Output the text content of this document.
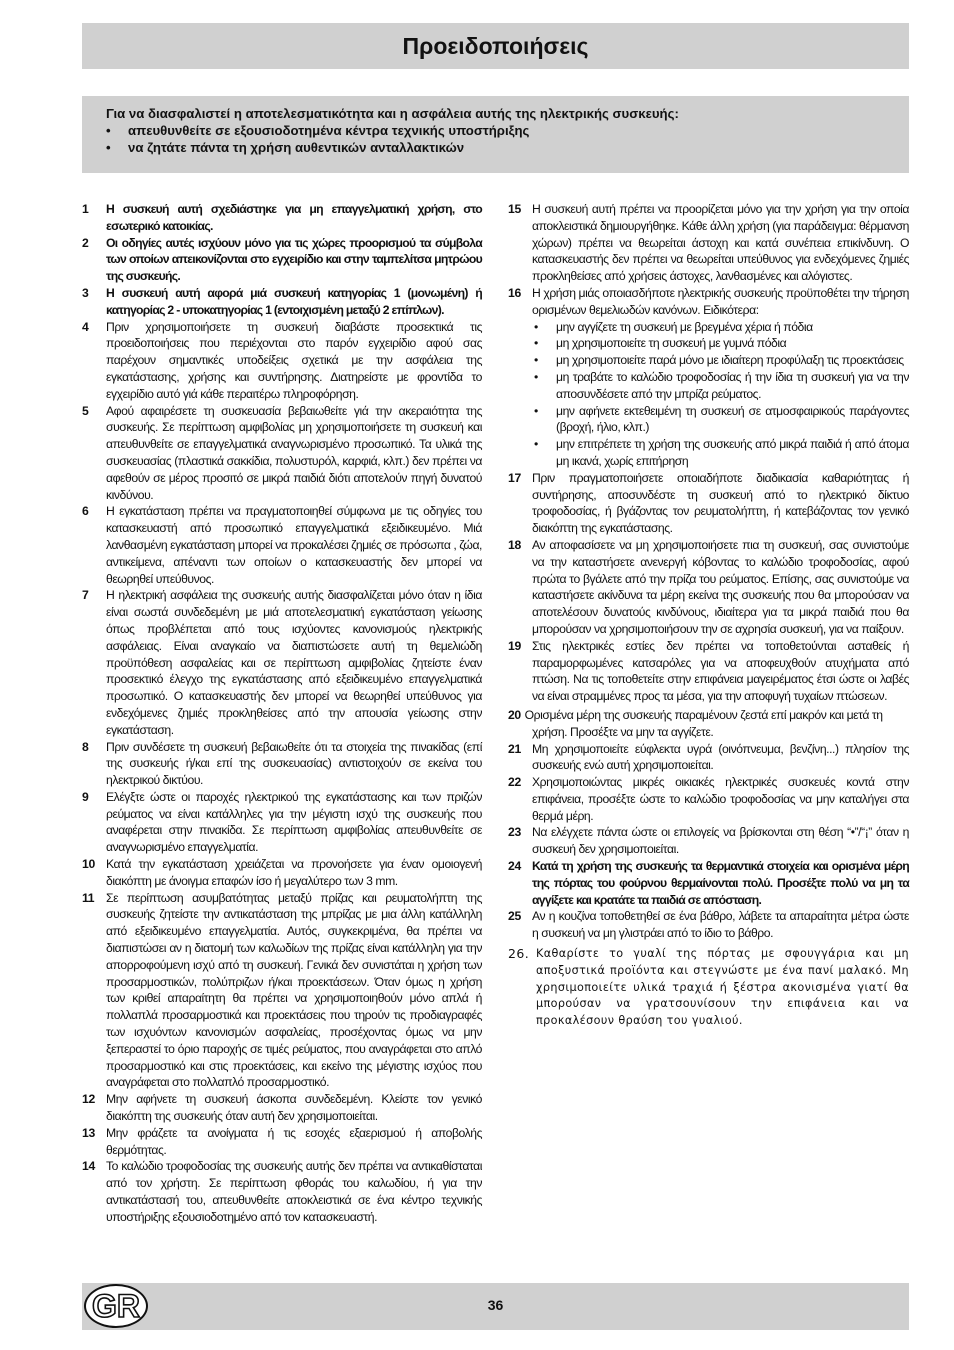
Προειδοποιήσεις
Για να διασφαλιστεί η αποτελεσματικότητα και η ασφάλεια αυτής της ηλεκτρικής συσκευής:
•	απευθυνθείτε σε εξουσιοδοτημένα κέντρα τεχνικής υποστήριξης
•	να ζητάτε πάντα τη χρήση αυθεντικών ανταλλακτικών
1	Η συσκευή αυτή σχεδιάστηκε για μη επαγγελματική χρήση, στο εσωτερικό κατοικίας.
2	Οι οδηγίες αυτές ισχύουν μόνο για τις χώρες προορισμού τα σύμβολα των οποίων απεικονίζονται στο εγχειρίδιο και στην ταμπελίτσα μητρώου της συσκευής.
3	Η συσκευή αυτή αφορά μιά συσκευή κατηγορίας 1 (μονωμένη) ή κατηγορίας 2 - υποκατηγορίας 1 (εντοιχισμένη μεταξύ 2 επίπλων).
4	Πριν χρησιμοποιήσετε τη συσκευή διαβάστε προσεκτικά τις προειδοποιήσεις που περιέχονται στο παρόν εγχειρίδιο αφού σας παρέχουν σημαντικές υποδείξεις σχετικά με την ασφάλεια της εγκατάστασης, χρήσης και συντήρησης. Διατηρείστε με φροντίδα το εγχειρίδιο αυτό γιά κάθε περαιτέρω πληροφόρηση.
5	Αφού αφαιρέσετε τη συσκευασία βεβαιωθείτε γιά την ακεραιότητα της συσκευής. Σε περίπτωση αμφιβολίας μη χρησιμοποιήσετε τη συσκευή και απευθυνθείτε σε επαγγελματικά αναγνωρισμένο προσωπικό. Τα υλικά της συσκευασίας (πλαστικά σακκίδια, πολυστυρόλ, καρφιά, κλπ.) δεν πρέπει να αφεθούν σε μέρος προσιτό σε μικρά παιδιά διότι αποτελούν πηγή δυνατού κινδύνου.
6	Η εγκατάσταση πρέπει να πραγματοποιηθεί σύμφωνα με τις οδηγίες του κατασκευαστή από προσωπικό επαγγελματικά εξειδικευμένο. Μιά λανθασμένη εγκατάσταση μπορεί να προκαλέσει ζημιές σε πρόσωπα , ζώα, αντικείμενα, απέναντι των οποίων ο κατασκευαστής δεν μπορεί να θεωρηθεί υπεύθυνος.
7	Η ηλεκτρική ασφάλεια της συσκευής αυτής διασφαλίζεται μόνο όταν η ίδια είναι σωστά συνδεδεμένη με μιά αποτελεσματική εγκατάσταση γείωσης όπως προβλέπεται από τους ισχύοντες κανονισμούς ηλεκτρικής ασφάλειας. Είναι αναγκαίο να διαπιστώσετε αυτή τη θεμελιώδη προϋπόθεση ασφαλείας και σε περίπτωση αμφιβολίας ζητείστε έναν προσεκτικό έλεγχο της εγκατάστασης από εξειδικευμένο επαγγελματικά προσωπικό. Ο κατασκευαστής δεν μπορεί να θεωρηθεί υπεύθυνος για ενδεχόμενες ζημιές προκληθείσες από την απουσία γείωσης στην εγκατάσταση.
8	Πριν συνδέσετε τη συσκευή βεβαιωθείτε ότι τα στοιχεία της πινακίδας (επί της συσκευής ή/και επί της συσκευασίας) αντιστοιχούν σε εκείνα του ηλεκτρικού δικτύου.
9	Ελέγξτε ώστε οι παροχές ηλεκτρικού της εγκατάστασης και των πριζών ρεύματος να είναι κατάλληλες για την μέγιστη ισχύ της συσκευής που αναφέρεται στην πινακίδα. Σε περίπτωση αμφιβολίας απευθυνθείτε σε αναγνωρισμένο επαγγελματία.
10 Κατά την εγκατάσταση χρειάζεται να προνοήσετε για έναν ομοιογενή διακόπτη με άνοιγμα επαφών ίσο ή μεγαλύτερο των 3 mm.
11 Σε περίπτωση ασυμβατότητας μεταξύ πρίζας και ρευματολήπτη της συσκευής ζητείστε την αντικατάσταση της μπρίζας με μια άλλη κατάλληλη από εξειδικευμένο επαγγελματία. Αυτός, συγκεκριμένα, θα πρέπει να διαπιστώσει αν η διατομή των καλωδίων της πρίζας είναι κατάλληλη για την απορροφούμενη ισχύ από τη συσκευή. Γενικά δεν συνιστάται η χρήση των προσαρμοστικών, πολύπριζων ή/και προεκτάσεων. Όταν όμως η χρήση των κριθεί απαραίτητη θα πρέπει να χρησιμοποιηθούν μόνο απλά ή πολλαπλά προσαρμοστικά και προεκτάσεις που τηρούν τις προδιαγραφές των ισχυόντων κανονισμών ασφαλείας, προσέχοντας όμως να μην ξεπεραστεί το όριο παροχής σε τιμές ρεύματος, που αναγράφεται στο απλό προσαρμοστικό και στις προεκτάσεις, και εκείνο της μέγιστης ισχύος που αναγράφεται στο πολλαπλό προσαρμοστικό.
12 Μην αφήνετε τη συσκευή άσκοπα συνδεδεμένη. Κλείστε τον γενικό διακόπτη της συσκευής όταν αυτή δεν χρησιμοποιείται.
13 Μην φράζετε τα ανοίγματα ή τις εσοχές εξαερισμού ή αποβολής θερμότητας.
14 Το καλώδιο τροφοδοσίας της συσκευής αυτής δεν πρέπει να αντικαθίσταται από τον χρήστη. Σε περίπτωση φθοράς του καλωδίου, ή για την αντικατάστασή του, απευθυνθείτε αποκλειστικά σε ένα κέντρο τεχνικής υποστήριξης εξουσιοδοτημένο από τον κατασκευαστή.
15 Η συσκευή αυτή πρέπει να προορίζεται μόνο για την χρήση για την οποία αποκλειστικά δημιουργήθηκε. Κάθε άλλη χρήση (για παράδειγμα: θέρμανση χώρων) πρέπει να θεωρείται άστοχη και κατά συνέπεια επικίνδυνη. Ο κατασκευαστής δεν πρέπει να θεωρείται υπεύθυνος για ενδεχόμενες ζημιές προκληθείσες από χρήσεις άστοχες, λανθασμένες και αλόγιστες.
16 Η χρήση μιάς οποιασδήποτε ηλεκτρικής συσκευής προϋποθέτει την τήρηση ορισμένων θεμελιωδών κανόνων. Ειδικότερα:
•	μην αγγίζετε τη συσκευή με βρεγμένα χέρια ή πόδια
•	μη χρησιμοποιείτε τη συσκευή με γυμνά πόδια
•	μη χρησιμοποιείτε παρά μόνο με ιδιαίτερη προφύλαξη τις προεκτάσεις
•	μη τραβάτε το καλώδιο τροφοδοσίας ή την ίδια τη συσκευή για να την αποσυνδέσετε από την μπρίζα ρεύματος.
•	μην αφήνετε εκτεθειμένη τη συσκευή σε ατμοσφαιρικούς παράγοντες (βροχή, ήλιο, κλπ.)
•	μην επιτρέπετε τη χρήση της συσκευής από μικρά παιδιά ή από άτομα μη ικανά, χωρίς επιτήρηση
17 Πριν πραγματοποιήσετε οποιαδήποτε διαδικασία καθαριότητας ή συντήρησης, αποσυνδέστε τη συσκευή από το ηλεκτρικό δίκτυο τροφοδοσίας, ή βγάζοντας τον ρευματολήπτη, ή κατεβάζοντας τον γενικό διακόπτη της εγκατάστασης.
18 Αν αποφασίσετε να μη χρησιμοποιήσετε πια τη συσκευή, σας συνιστούμε να την καταστήσετε ανενεργή κόβοντας το καλώδιο τροφοδοσίας, αφού πρώτα το βγάλετε από την πρίζα του ρεύματος. Επίσης, σας συνιστούμε να καταστήσετε ακίνδυνα τα μέρη εκείνα της συσκευής που θα μπορούσαν να αποτελέσουν δυνατούς κινδύνους, ιδιαίτερα για τα μικρά παιδιά που θα μπορούσαν να χρησιμοποιήσουν την σε αχρησία συσκευή, για να παίξουν.
19 Στις ηλεκτρικές εστίες δεν πρέπει να τοποθετούνται ασταθείς ή παραμορφωμένες κατσαρόλες για να αποφευχθούν ατυχήματα από πτώση. Να τις τοποθετείτε στην επιφάνεια μαγειρέματος έτσι ώστε οι λαβές να είναι στραμμένες προς τα μέσα, για την αποφυγή τυχαίων πτώσεων.
20 Ορισμένα μέρη της συσκευής παραμένουν ζεστά επί μακρόν και μετά τη
χρήση. Προσέξτε να μην τα αγγίζετε.
21 Μη χρησιμοποιείτε εύφλεκτα υγρά (οινόπνευμα, βενζίνη...) πλησίον της συσκευής ενώ αυτή χρησιμοποιείται.
22 Χρησιμοποιώντας μικρές οικιακές ηλεκτρικές συσκευές κοντά στην επιφάνεια, προσέξτε ώστε το καλώδιο τροφοδοσίας να μην καταλήγει στα θερμά μέρη.
23 Να ελέγχετε πάντα ώστε οι επιλογείς να βρίσκονται στη θέση “•”/“¡” όταν η συσκευή δεν χρησιμοποιείται.
24 Κατά τη χρήση της συσκευής τα θερμαντικά στοιχεία και ορισμένα μέρη της πόρτας του φούρνου θερμαίνονται πολύ. Προσέξτε πολύ να μη τα αγγίξετε και κρατάτε τα παιδιά σε απόσταση.
25 Αν η κουζίνα τοποθετηθεί σε ένα βάθρο, λάβετε τα απαραίτητα μέτρα ώστε η συσκευή να μη γλιστράει από το ίδιο το βάθρο.
26. Καθαρίστε το γυαλί της πόρτας με σφουγγάρια και μη αποξυστικά προϊόντα και στεγνώστε με ένα πανί μαλακό. Μη χρησιμοποιείτε υλικά τραχιά ή ξέστρα ακονισμένα γιατί θα μπορούσαν να γρατσουνίσουν την επιφάνεια και να προκαλέσουν θραύση του γυαλιού.
GR	36
